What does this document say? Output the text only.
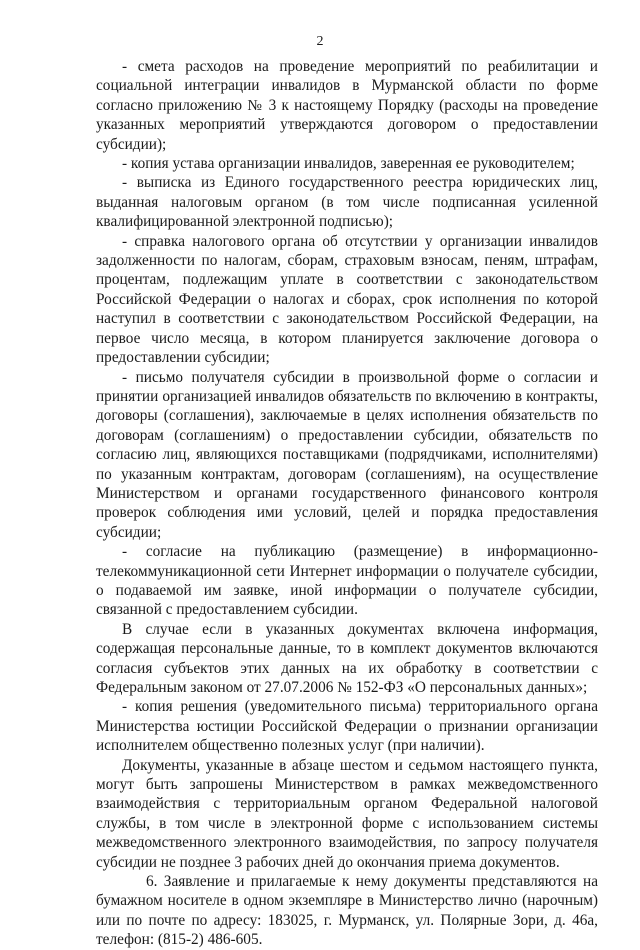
2

- смета расходов на проведение мероприятий по реабилитации и социальной интеграции инвалидов в Мурманской области по форме согласно приложению № 3 к настоящему Порядку (расходы на проведение указанных мероприятий утверждаются договором о предоставлении субсидии);

- копия устава организации инвалидов, заверенная ее руководителем;

- выписка из Единого государственного реестра юридических лиц, выданная налоговым органом (в том числе подписанная усиленной квалифицированной электронной подписью);

- справка налогового органа об отсутствии у организации инвалидов задолженности по налогам, сборам, страховым взносам, пеням, штрафам, процентам, подлежащим уплате в соответствии с законодательством Российской Федерации о налогах и сборах, срок исполнения по которой наступил в соответствии с законодательством Российской Федерации, на первое число месяца, в котором планируется заключение договора о предоставлении субсидии;

- письмо получателя субсидии в произвольной форме о согласии и принятии организацией инвалидов обязательств по включению в контракты, договоры (соглашения), заключаемые в целях исполнения обязательств по договорам (соглашениям) о предоставлении субсидии, обязательств по согласию лиц, являющихся поставщиками (подрядчиками, исполнителями) по указанным контрактам, договорам (соглашениям), на осуществление Министерством и органами государственного финансового контроля проверок соблюдения ими условий, целей и порядка предоставления субсидии;

- согласие на публикацию (размещение) в информационно-телекоммуникационной сети Интернет информации о получателе субсидии, о подаваемой им заявке, иной информации о получателе субсидии, связанной с предоставлением субсидии.

В случае если в указанных документах включена информация, содержащая персональные данные, то в комплект документов включаются согласия субъектов этих данных на их обработку в соответствии с Федеральным законом от 27.07.2006 № 152-ФЗ «О персональных данных»;

- копия решения (уведомительного письма) территориального органа Министерства юстиции Российской Федерации о признании организации исполнителем общественно полезных услуг (при наличии).

Документы, указанные в абзаце шестом и седьмом настоящего пункта, могут быть запрошены Министерством в рамках межведомственного взаимодействия с территориальным органом Федеральной налоговой службы, в том числе в электронной форме с использованием системы межведомственного электронного взаимодействия, по запросу получателя субсидии не позднее 3 рабочих дней до окончания приема документов.

6. Заявление и прилагаемые к нему документы представляются на бумажном носителе в одном экземпляре в Министерство лично (нарочным) или по почте по адресу: 183025, г. Мурманск, ул. Полярные Зори, д. 46а, телефон: (815-2) 486-605.
